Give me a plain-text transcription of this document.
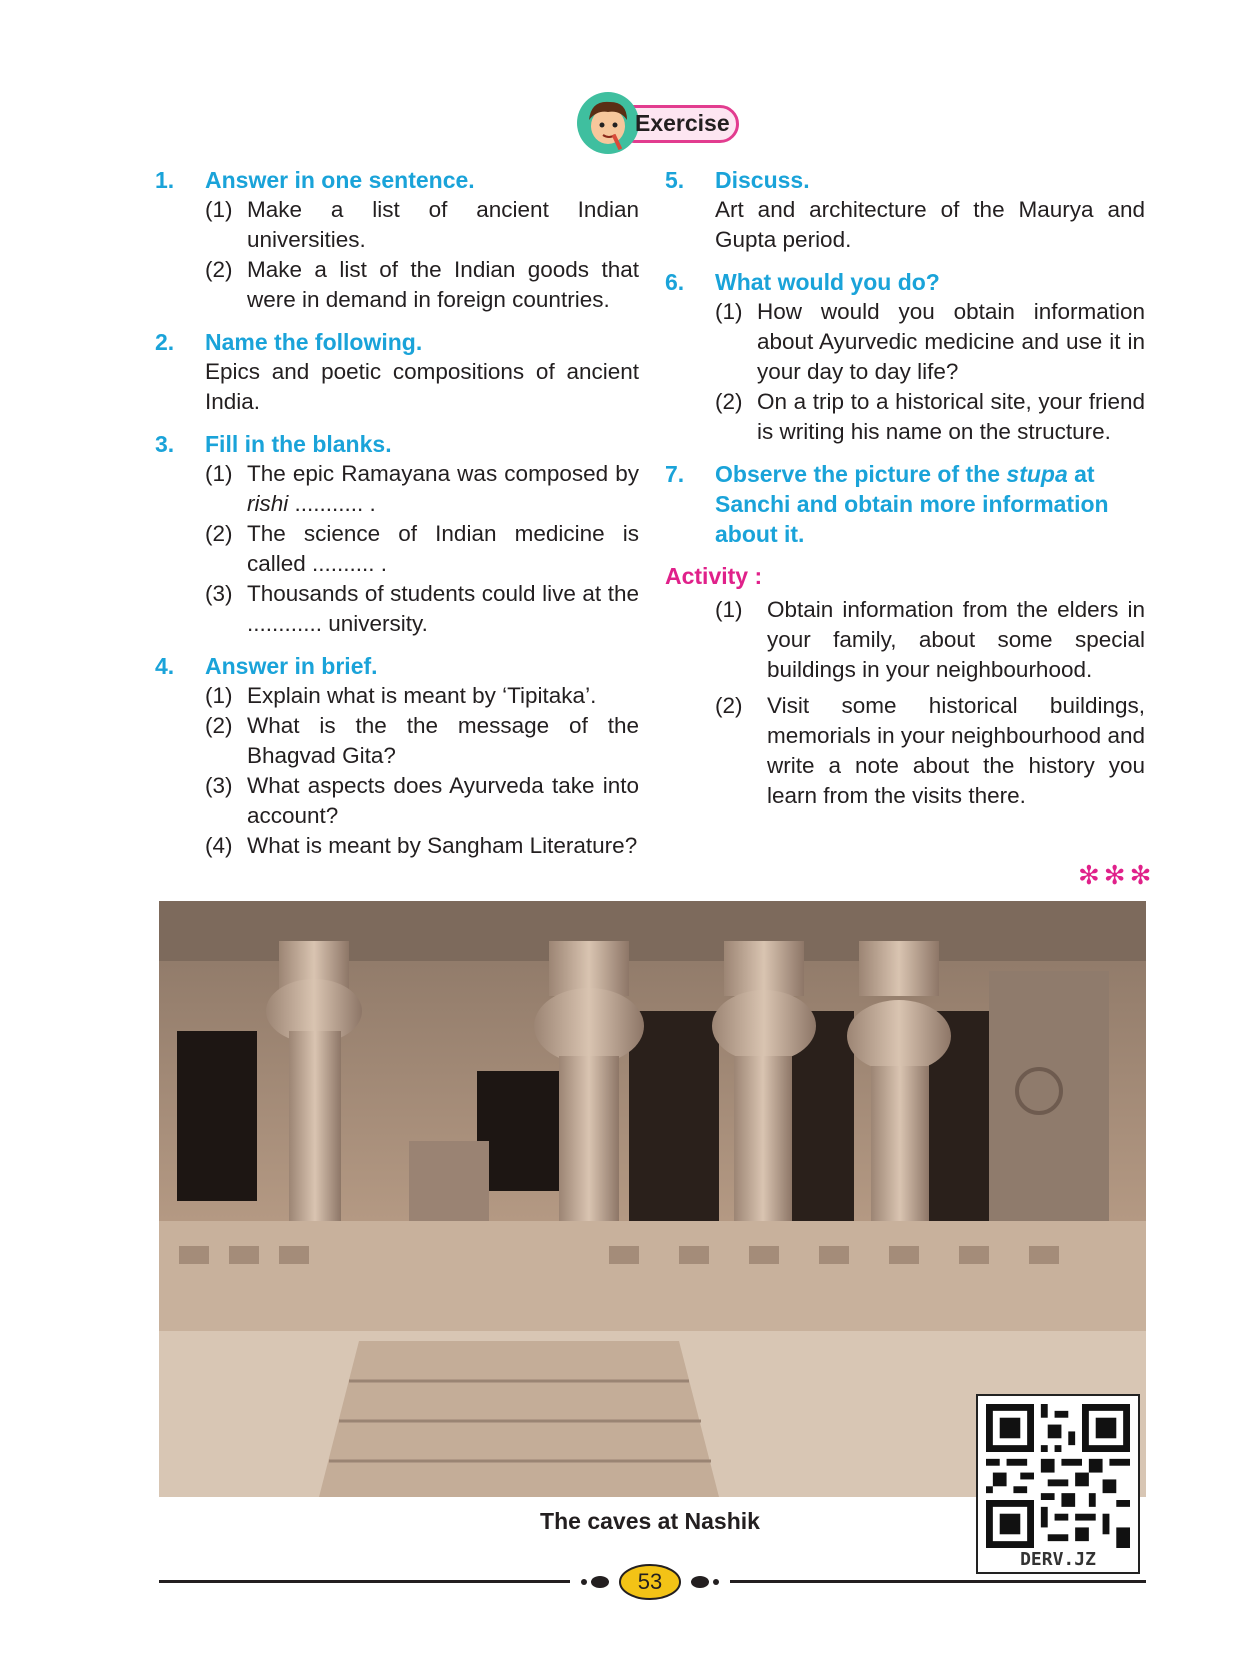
Exercise
1.	Answer in one sentence.
(1) Make a list of ancient Indian universities.
(2) Make a list of the Indian goods that were in demand in foreign countries.
2.	Name the following.
Epics and poetic compositions of ancient India.
3.	Fill in the blanks.
(1) The epic Ramayana was composed by rishi ........... .
(2) The science of Indian medicine is called .......... .
(3) Thousands of students could live at the ............ university.
4.	Answer in brief.
(1) Explain what is meant by ‘Tipitaka’.
(2) What is the the message of the Bhagvad Gita?
(3) What aspects does Ayurveda take into account?
(4) What is meant by Sangham Literature?
5.	Discuss.
Art and architecture of the Maurya and Gupta period.
6.	What would you do?
(1) How would you obtain information about Ayurvedic medicine and use it in your day to day life?
(2) On a trip to a historical site, your friend is writing his name on the structure.
7.	Observe the picture of the stupa at Sanchi and obtain more information about it.
Activity :
(1) Obtain information from the elders in your family, about some special buildings in your neighbourhood.
(2) Visit some historical buildings, memorials in your neighbourhood and write a note about the history you learn from the visits there.
✻✻✻
The caves at Nashik
DERV.JZ
53
